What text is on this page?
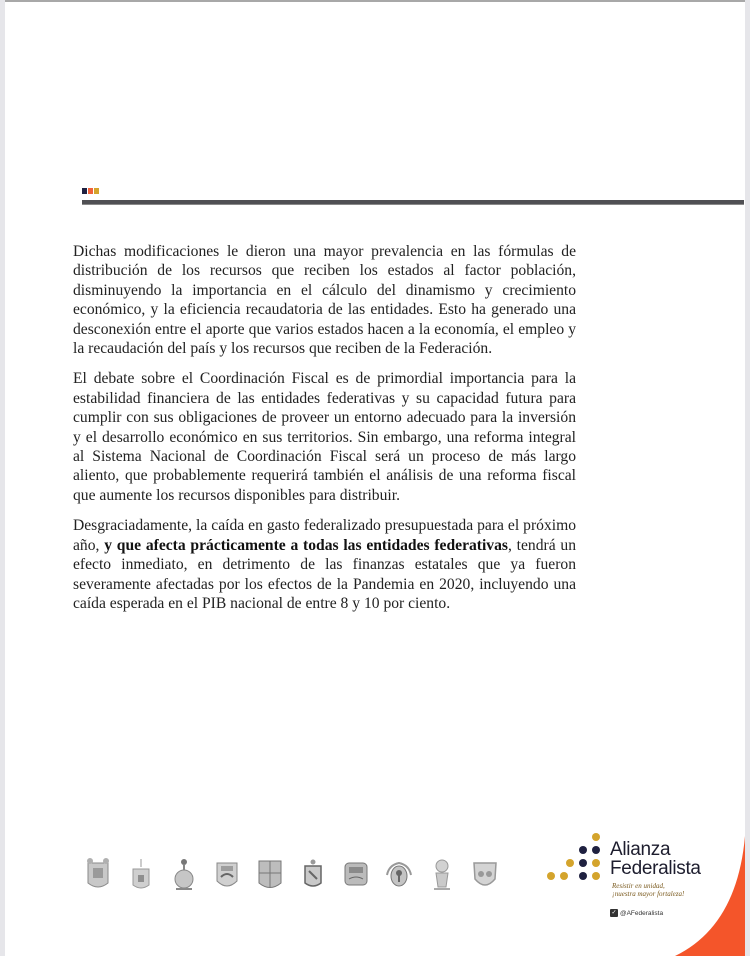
Dichas modificaciones le dieron una mayor prevalencia en las fórmulas de distribución de los recursos que reciben los estados al factor población, disminuyendo la importancia en el cálculo del dinamismo y crecimiento económico, y la eficiencia recaudatoria de las entidades. Esto ha generado una desconexión entre el aporte que varios estados hacen a la economía, el empleo y la recaudación del país y los recursos que reciben de la Federación.

El debate sobre el Coordinación Fiscal es de primordial importancia para la estabilidad financiera de las entidades federativas y su capacidad futura para cumplir con sus obligaciones de proveer un entorno adecuado para la inversión y el desarrollo económico en sus territorios. Sin embargo, una reforma integral al Sistema Nacional de Coordinación Fiscal será un proceso de más largo aliento, que probablemente requerirá también el análisis de una reforma fiscal que aumente los recursos disponibles para distribuir.

Desgraciadamente, la caída en gasto federalizado presupuestada para el próximo año, y que afecta prácticamente a todas las entidades federativas, tendrá un efecto inmediato, en detrimento de las finanzas estatales que ya fueron severamente afectadas por los efectos de la Pandemia en 2020, incluyendo una caída esperada en el PIB nacional de entre 8 y 10 por ciento.

Alianza
Federalista
Resistir en unidad,
¡nuestra mayor fortaleza!
✓ @AFederalista
